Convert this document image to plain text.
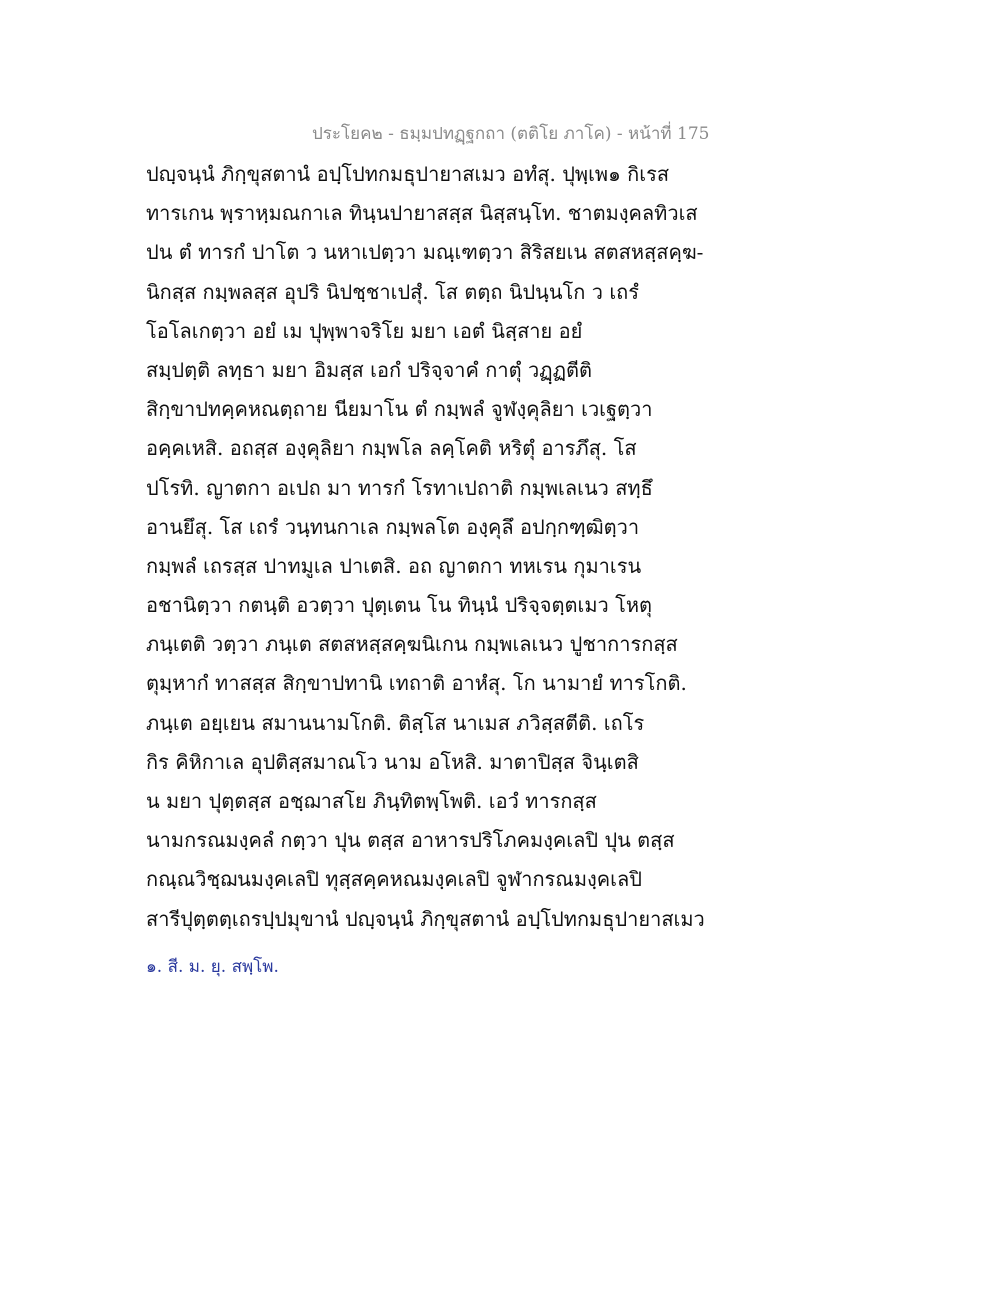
ประโยค๒ - ธมฺมปทฏฺฐกถา (ตติโย ภาโค) - หน้าที่ 175
ปญฺจนฺนํ ภิกฺขุสตานํ อปฺโปทกมธุปายาสเมว อทํสุ. ปุพฺเพ๑ กิเรส
ทารเกน พฺราหฺมณกาเล ทินฺนปายาสสฺส นิสฺสนฺโท. ชาตมงฺคลทิวเส
ปน ตํ ทารกํ ปาโต ว นหาเปตฺวา มณฺเฑตฺวา สิริสยเน สตสหสฺสคฺฆ-
นิกสฺส กมฺพลสฺส อุปริ นิปชฺชาเปสุํ. โส ตตฺถ นิปนฺนโก ว เถรํ
โอโลเกตฺวา อยํ เม ปุพฺพาจริโย มยา เอตํ นิสฺสาย อยํ
สมฺปตฺติ ลทฺธา มยา อิมสฺส เอกํ ปริจฺจาคํ กาตุํ วฏฺฏตีติ
สิกฺขาปทคฺคหณตฺถาย นียมาโน ตํ กมฺพลํ จูฬงฺคุลิยา เวเฐตฺวา
อคฺคเหสิ. อถสฺส องฺคุลิยา กมฺพโล ลคฺโคติ หริตุํ อารภึสุ. โส
ปโรทิ. ญาตกา อเปถ มา ทารกํ โรทาเปถาติ กมฺพเลเนว สทฺธึ
อานยึสุ. โส เถรํ วนฺทนกาเล กมฺพลโต องฺคุลึ อปกฺกฑฺฒิตฺวา
กมฺพลํ เถรสฺส ปาทมูเล ปาเตสิ. อถ ญาตกา ทหเรน กุมาเรน
อชานิตฺวา กตนฺติ อวตฺวา ปุตฺเตน โน ทินฺนํ ปริจฺจตฺตเมว โหตุ
ภนฺเตติ วตฺวา ภนฺเต สตสหสฺสคฺฆนิเกน กมฺพเลเนว ปูชาการกสฺส
ตุมฺหากํ ทาสสฺส สิกฺขาปทานิ เทถาติ อาหํสุ. โก นามายํ ทารโกติ.
ภนฺเต อยฺเยน สมานนามโกติ. ติสฺโส นาเมส ภวิสฺสตีติ. เถโร
กิร คิหิกาเล อุปติสฺสมาณโว นาม อโหสิ. มาตาปิสฺส จินฺเตสิ
น มยา ปุตฺตสฺส อชฺฌาสโย ภินฺทิตพฺโพติ. เอวํ ทารกสฺส
นามกรณมงฺคลํ กตฺวา ปุน ตสฺส อาหารปริโภคมงฺคเลปิ ปุน ตสฺส
กณฺณวิชฺฌนมงฺคเลปิ ทุสฺสคฺคหณมงฺคเลปิ จูฬากรณมงฺคเลปิ
สารีปุตฺตตฺเถรปฺปมุขานํ ปญฺจนฺนํ ภิกฺขุสตานํ อปฺโปทกมธุปายาสเมว
๑. สี. ม. ยุ. สพฺโพ.
